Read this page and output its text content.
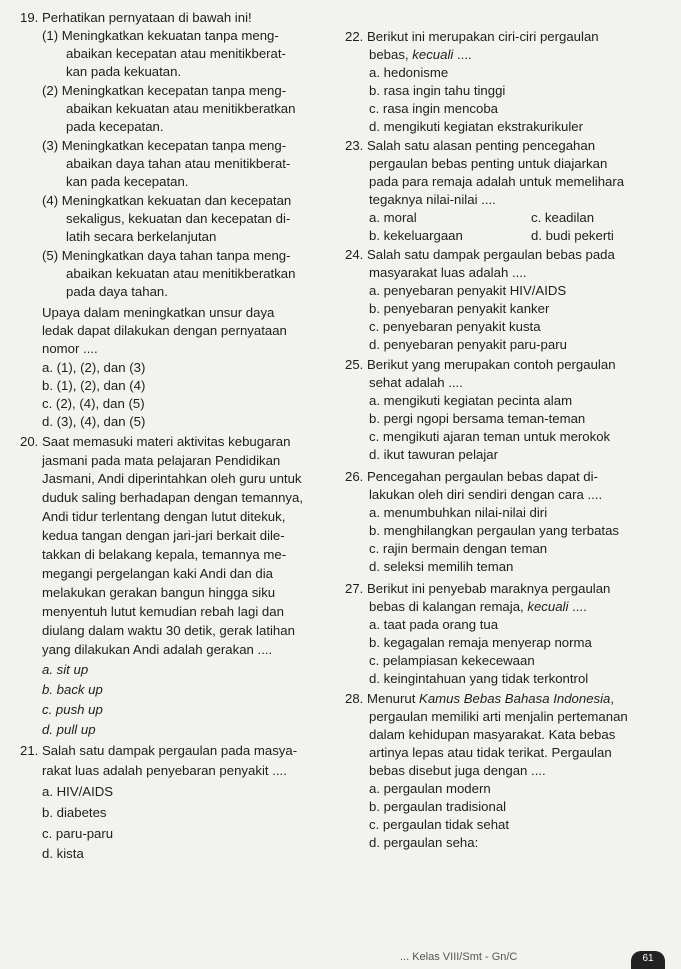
19. Perhatikan pernyataan di bawah ini!
(1) Meningkatkan kekuatan tanpa meng-
abaikan kecepatan atau menitikberat-
kan pada kekuatan.
(2) Meningkatkan kecepatan tanpa meng-
abaikan kekuatan atau menitikberatkan
pada kecepatan.
(3) Meningkatkan kecepatan tanpa meng-
abaikan daya tahan atau menitikberat-
kan pada kecepatan.
(4) Meningkatkan kekuatan dan kecepatan
sekaligus, kekuatan dan kecepatan di-
latih secara berkelanjutan
(5) Meningkatkan daya tahan tanpa meng-
abaikan kekuatan atau menitikberatkan
pada daya tahan.
Upaya dalam meningkatkan unsur daya
ledak dapat dilakukan dengan pernyataan
nomor ....
a. (1), (2), dan (3)
b. (1), (2), dan (4)
c. (2), (4), dan (5)
d. (3), (4), dan (5)
20. Saat memasuki materi aktivitas kebugaran
jasmani pada mata pelajaran Pendidikan
Jasmani, Andi diperintahkan oleh guru untuk
duduk saling berhadapan dengan temannya,
Andi tidur terlentang dengan lutut ditekuk,
kedua tangan dengan jari-jari berkait dile-
takkan di belakang kepala, temannya me-
megangi pergelangan kaki Andi dan dia
melakukan gerakan bangun hingga siku
menyentuh lutut kemudian rebah lagi dan
diulang dalam waktu 30 detik, gerak latihan
yang dilakukan Andi adalah gerakan ....
a. sit up
b. back up
c. push up
d. pull up
21. Salah satu dampak pergaulan pada masya-
rakat luas adalah penyebaran penyakit ....
a. HIV/AIDS
b. diabetes
c. paru-paru
d. kista
22. Berikut ini merupakan ciri-ciri pergaulan
bebas, kecuali ....
a. hedonisme
b. rasa ingin tahu tinggi
c. rasa ingin mencoba
d. mengikuti kegiatan ekstrakurikuler
23. Salah satu alasan penting pencegahan
pergaulan bebas penting untuk diajarkan
pada para remaja adalah untuk memelihara
tegaknya nilai-nilai ....
a. moral	c. keadilan
b. kekeluargaan	d. budi pekerti
24. Salah satu dampak pergaulan bebas pada
masyarakat luas adalah ....
a. penyebaran penyakit HIV/AIDS
b. penyebaran penyakit kanker
c. penyebaran penyakit kusta
d. penyebaran penyakit paru-paru
25. Berikut yang merupakan contoh pergaulan
sehat adalah ....
a. mengikuti kegiatan pecinta alam
b. pergi ngopi bersama teman-teman
c. mengikuti ajaran teman untuk merokok
d. ikut tawuran pelajar
26. Pencegahan pergaulan bebas dapat di-
lakukan oleh diri sendiri dengan cara ....
a. menumbuhkan nilai-nilai diri
b. menghilangkan pergaulan yang terbatas
c. rajin bermain dengan teman
d. seleksi memilih teman
27. Berikut ini penyebab maraknya pergaulan
bebas di kalangan remaja, kecuali ....
a. taat pada orang tua
b. kegagalan remaja menyerap norma
c. pelampiasan kekecewaan
d. keingintahuan yang tidak terkontrol
28. Menurut Kamus Bebas Bahasa Indonesia,
pergaulan memiliki arti menjalin pertemanan
dalam kehidupan masyarakat. Kata bebas
artinya lepas atau tidak terikat. Pergaulan
bebas disebut juga dengan ....
a. pergaulan modern
b. pergaulan tradisional
c. pergaulan tidak sehat
d. pergaulan seha:
... Kelas VIII/Smt - Gn/C	61
